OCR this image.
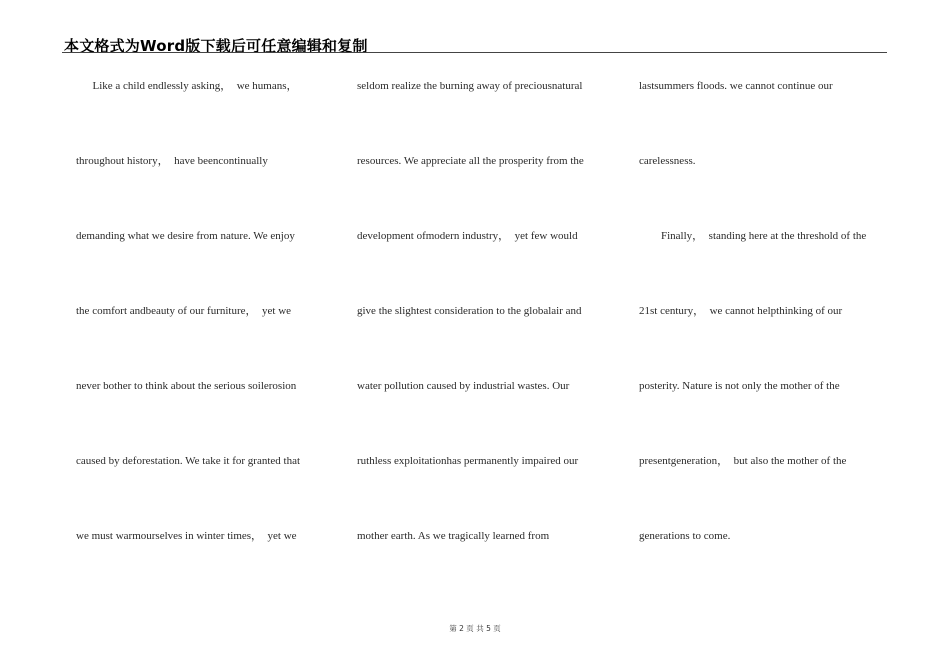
本文格式为Word版下载后可任意编辑和复制
Like a child endlessly asking，  we humans，
throughout history，  have beencontinually
demanding what we desire from nature. We enjoy
the comfort andbeauty of our furniture，  yet we
never bother to think about the serious soilerosion
caused by deforestation. We take it for granted that
we must warmourselves in winter times，  yet we
seldom realize the burning away of preciousnatural
resources. We appreciate all the prosperity from the
development ofmodern industry，  yet few would
give the slightest consideration to the globalair and
water pollution caused by industrial wastes. Our
ruthless exploitationhas permanently impaired our
mother earth. As we tragically learned from
lastsummers floods. we cannot continue our
carelessness.
Finally，  standing here at the threshold of the
21st century，  we cannot helpthinking of our
posterity. Nature is not only the mother of the
presentgeneration，  but also the mother of the
generations to come.
第 2 页 共 5 页
